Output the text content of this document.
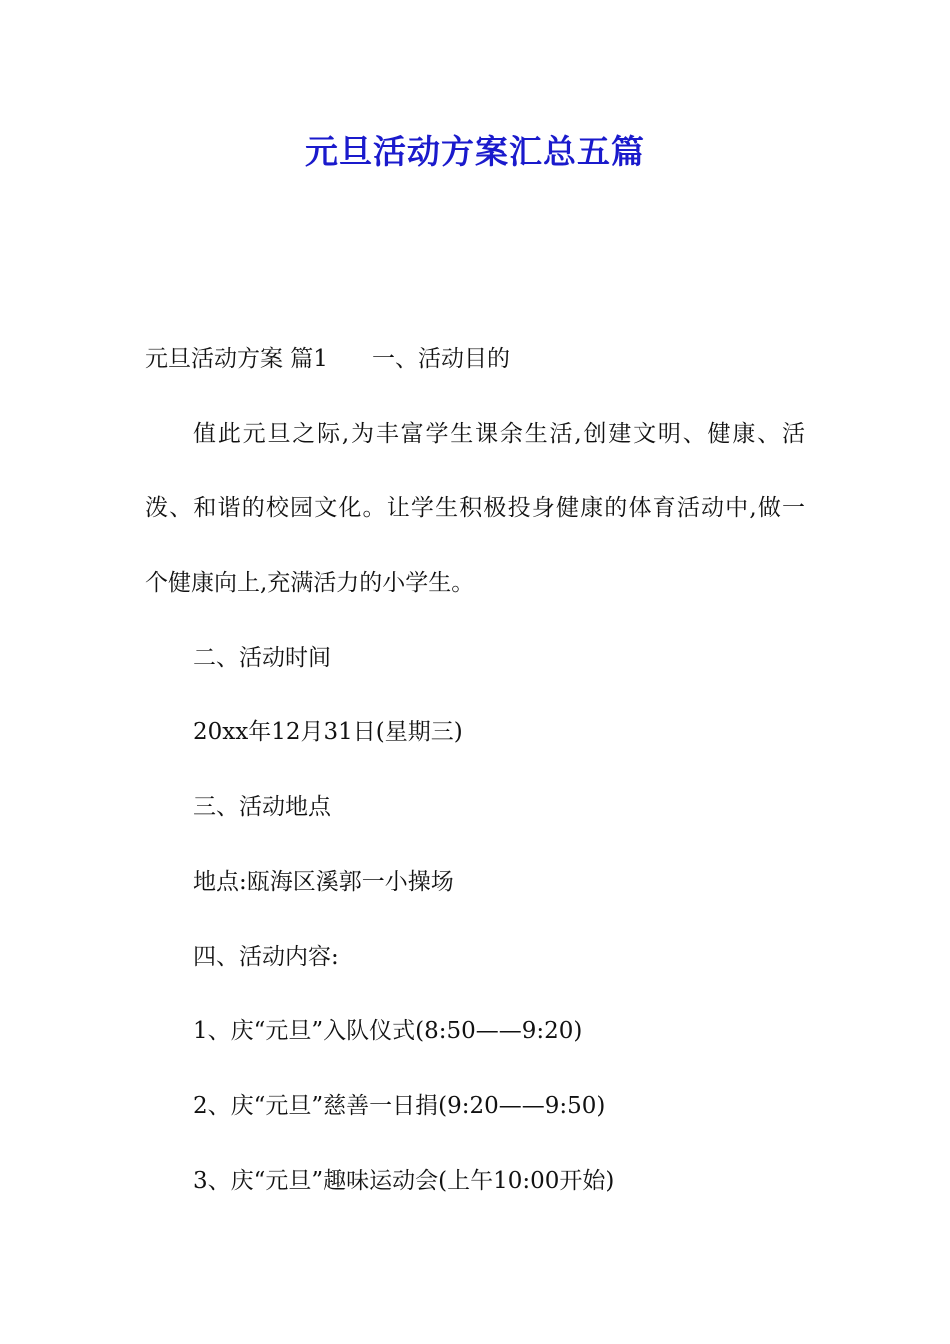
元旦活动方案汇总五篇
元旦活动方案 篇1 一、活动目的
值此元旦之际,为丰富学生课余生活,创建文明、健康、活
泼、和谐的校园文化。让学生积极投身健康的体育活动中,做一
个健康向上,充满活力的小学生。
二、活动时间
20xx年12月31日(星期三)
三、活动地点
地点:瓯海区溪郭一小操场
四、活动内容:
1、庆“元旦”入队仪式(8:50——9:20)
2、庆“元旦”慈善一日捐(9:20——9:50)
3、庆“元旦”趣味运动会(上午10:00开始)
